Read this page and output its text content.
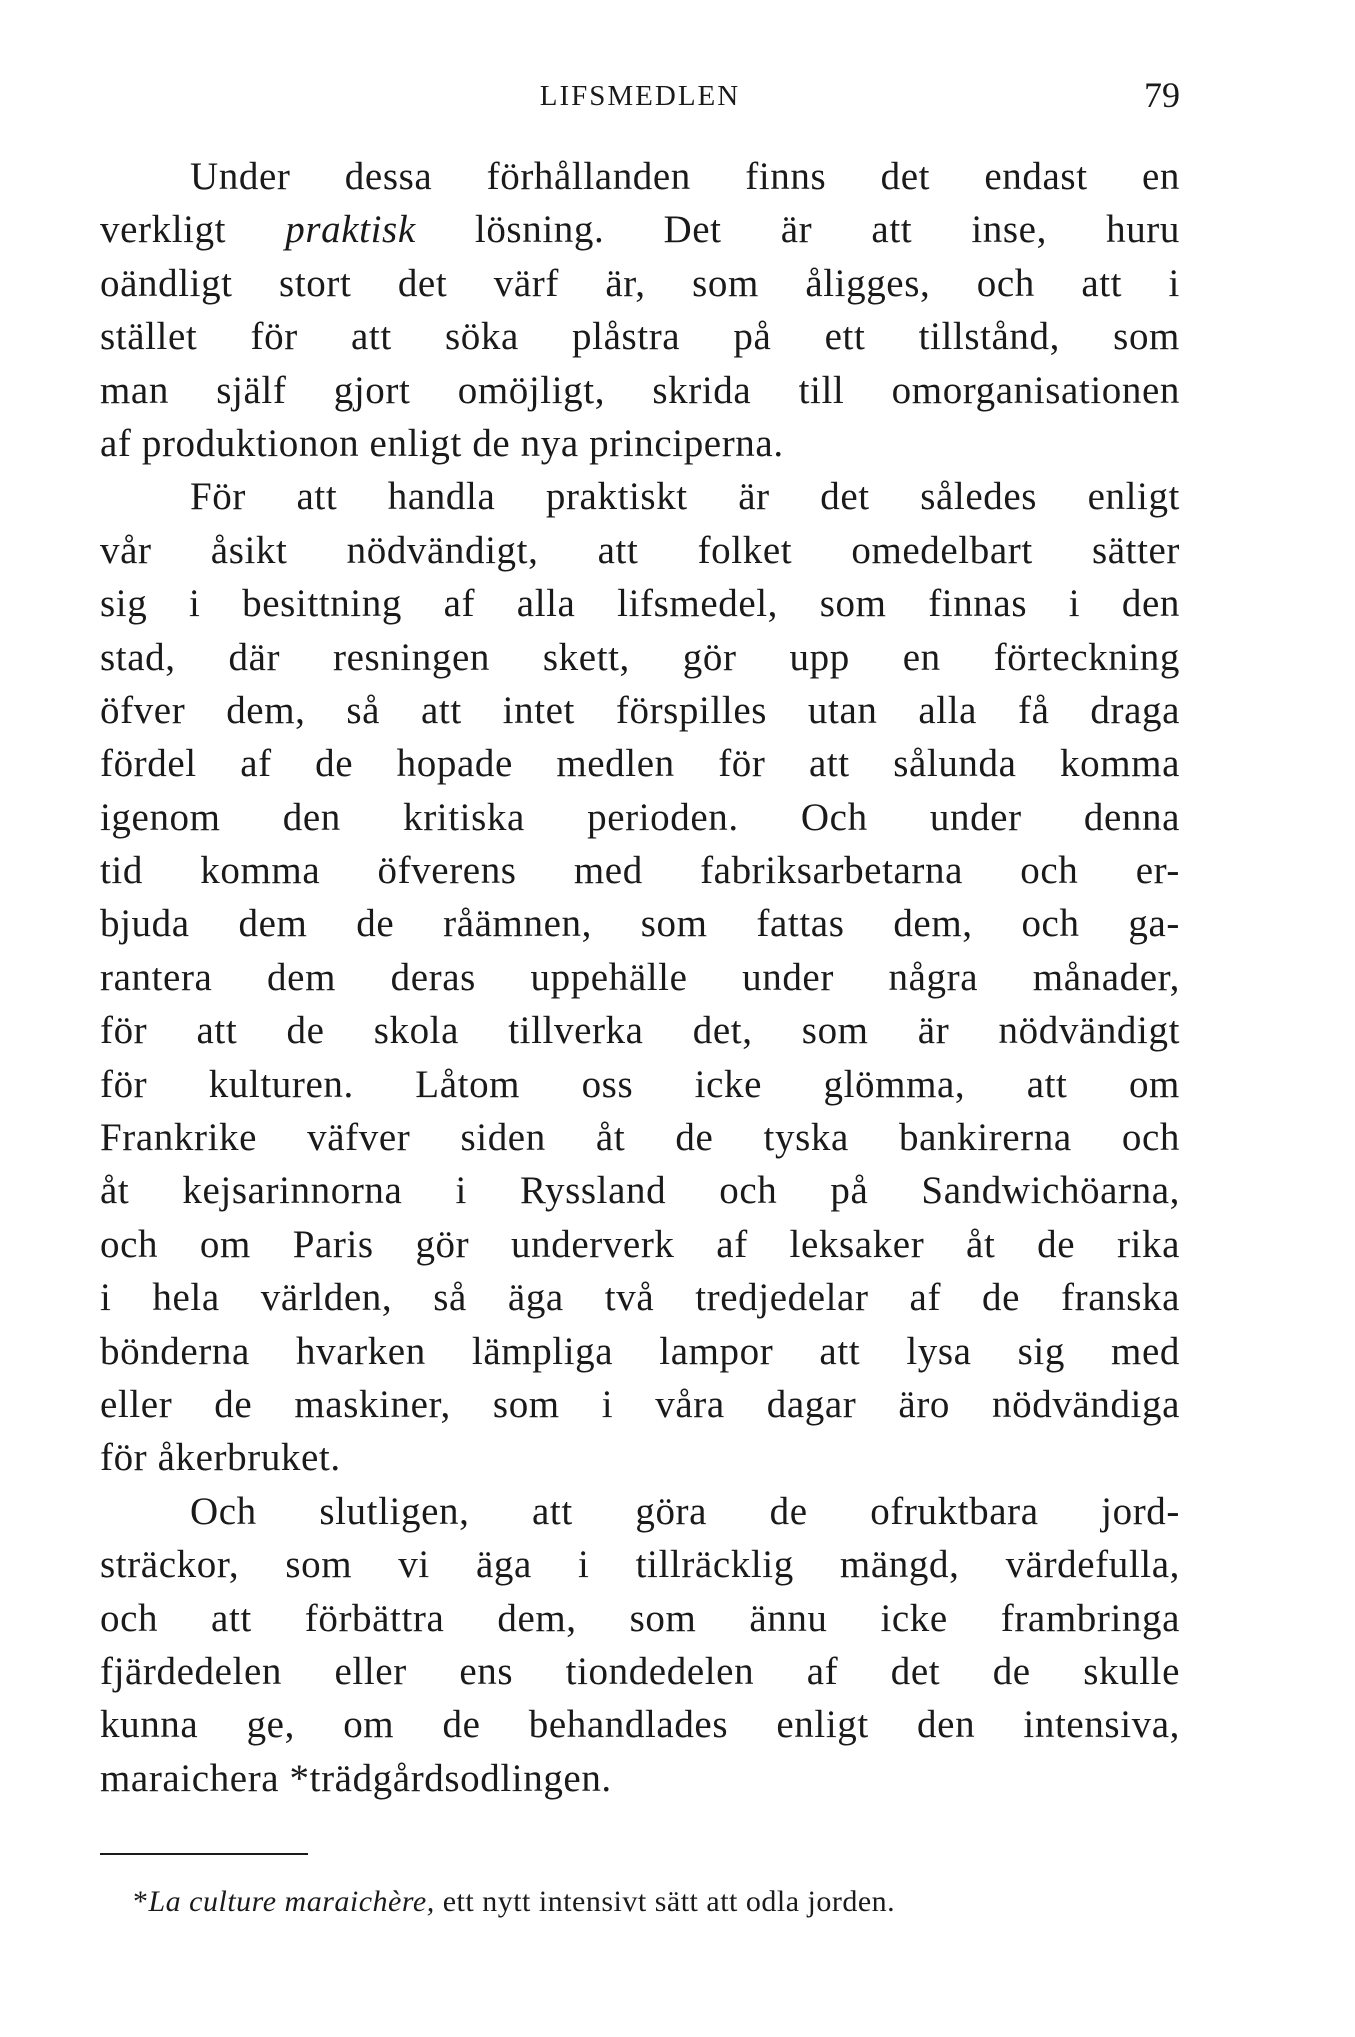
LIFSMEDLEN	79
Under dessa förhållanden finns det endast en
verkligt praktisk lösning. Det är att inse, huru
oändligt stort det värf är, som åligges, och att i
stället för att söka plåstra på ett tillstånd, som
man själf gjort omöjligt, skrida till omorganisationen
af produktionon enligt de nya principerna.
För att handla praktiskt är det således enligt
vår åsikt nödvändigt, att folket omedelbart sätter
sig i besittning af alla lifsmedel, som finnas i den
stad, där resningen skett, gör upp en förteckning
öfver dem, så att intet förspilles utan alla få draga
fördel af de hopade medlen för att sålunda komma
igenom den kritiska perioden. Och under denna
tid komma öfverens med fabriksarbetarna och er-
bjuda dem de råämnen, som fattas dem, och ga-
rantera dem deras uppehälle under några månader,
för att de skola tillverka det, som är nödvändigt
för kulturen. Låtom oss icke glömma, att om
Frankrike väfver siden åt de tyska bankirerna och
åt kejsarinnorna i Ryssland och på Sandwichöarna,
och om Paris gör underverk af leksaker åt de rika
i hela världen, så äga två tredjedelar af de franska
bönderna hvarken lämpliga lampor att lysa sig med
eller de maskiner, som i våra dagar äro nödvändiga
för åkerbruket.
Och slutligen, att göra de ofruktbara jord-
sträckor, som vi äga i tillräcklig mängd, värdefulla,
och att förbättra dem, som ännu icke frambringa
fjärdedelen eller ens tiondedelen af det de skulle
kunna ge, om de behandlades enligt den intensiva,
maraichera *trädgårdsodlingen.
*La culture maraichère, ett nytt intensivt sätt att odla jorden.
